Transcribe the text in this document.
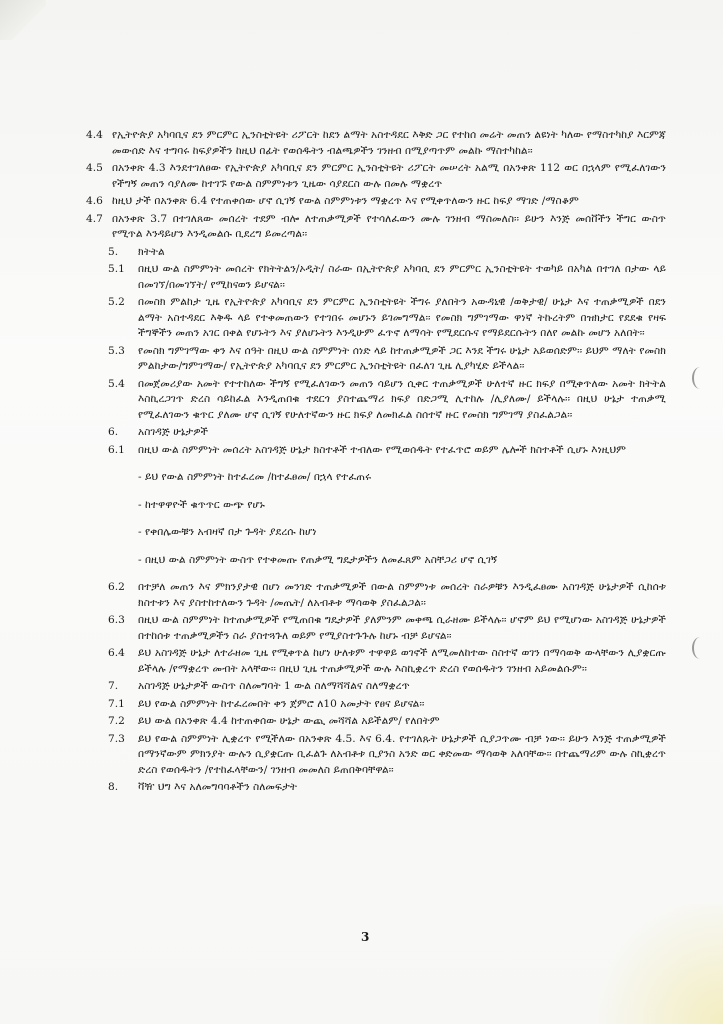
4.4 የኢትዮጵያ አካባቢና ደን ምርምር ኢንስቲትዩት ሪፖርት ከደን ልማት አስተዳደር እቅድ ጋር የተከሰ መሬት መጠን ልዩነት ካለው የማስተካከያ እርምጃ መውሰድ እና ተግባሩ ከፍያዎችን ከዚህ በፊት የወሰዱትን ብልጫዎችን ገንዘብ በሚያጣጥም መልኩ ማስተካከል፡፡
4.5 በአንቀጽ 4.3 እንደተገለፀው የኢትዮጵያ አካባቢና ደን ምርምር ኢንስቲትዩት ሪፖርት መሠረት አልሚ በአንቀጽ 112 ወር በኋላም የሚፈለገውን የችግኝ መጠን ሳያለሙ ከተገኙ የውል ስምምነቱን ጊዜው ሳያደርስ ውሉ በመሉ ማቋረጥ
4.6 ከዚህ ታች በአንቀጽ 6.4 የተጠቀሰው ሆኖ ሲገኝ የውል ስምምነቱን ማቋረጥ እና የሚቀጥለውን ዙር ከፍያ ማገድ /ማስቆም
4.7 በአንቀጽ 3.7 በተገለጸው መሰረት ተደም ብሎ ለተጠቃሚዎች የተሳለፈውን ሙሉ ገንዘብ ማስመለስ፡፡ ይሁን እንጅ መሰቨችን ችግር ውስጥ የሚጥል እንዳይሆን እንዲመልሱ ቢደረግ ይመረጣል፡፡
5.	ክትትል
5.1	በዚህ ውል ስምምነት መሰረት የክትትልን/ኦዲት/ ስራው በኢትዮጵያ አካባቢ ደን ምርምር ኢንስቲትዩት ተወካይ በአካል በተገለ በታው ላይ በመገኘ/በመገኘት/ የሚከናወን ይሆናል፡፡
5.2	በመስክ ምልከታ ጊዜ የኢትዮጵያ አካባቢና ደን ምርምር ኢንስቲትዩት ችግሩ ያለበትን አውዳኒዊ /ወቅታዊ/ ሁኔታ እና ተጠቃሚዎች በደን ልማት አስተዳደር እቅዱ ላይ የተቀመጠውን የተገበሩ መሆኑን ይገመግማል፡፡ የመስክ ግምገማው ዋነኛ ትኩረትም በዝክታር የደደቁ የዛፍ ችግኞችን መጠን አገር በቀል የሆኑትን እና ያለሆኑትን እንዲሁም ፈጥኖ ለማሳት የሚደርሱና የማይደርሱትን በለየ መልኩ መሆን አለበት፡፡
5.3	የመስክ ግምገማው ቀን እና ሰዓት በዚህ ውል ስምምነት ሰነድ ላይ ከተጠቃሚዎች ጋር እንደ ችግሩ ሁኔታ አይወሰድም፡፡ ይህም ማለት የመስክ ምልከታው/ግምገማው/ የኢትዮጵያ አካባቢና ደን ምርምር ኢንስቲትዩት በፈለገ ጊዜ ሊያካሂድ ይችላል፡፡
5.4	በመጀመሪያው አመት የተተከለው ችግኝ የሚፈለገውን መጠን ሳይሆን ሲቀር ተጠቃሚዎች ሁለተኛ ዙር ክፍያ በሚቀጥለው አመት ክትትል እስኪረጋገጥ ድረስ ሳይከፈል እንዲጠበቁ ተደርጎ ያስተጨማሪ ክፍያ በድጋሚ ሊተከሉ /ሊያለሙ/ ይችላሉ፡፡ በዚህ ሁኔታ ተጠቃሚ የሚፈለገውን ቁጥር ያለሙ ሆኖ ሲገኝ የሁለተኛውን ዙር ክፍያ ለመክፈል ስሰተኛ ዙር የመስክ ግምገማ ያስፈልጋል፡፡
6.	አስገዳጅ ሁኔታዎች
6.1	በዚህ ውል ስምምነት መሰረት አስገዳጅ ሁኔታ ክስተቶች ተብለው የሚወሰዱት የተፈጥሮ ወይም ሌሎች ክስተቶች ሲሆኑ እነዚህም
- ይህ የውል ስምምነት ከተፈረመ /ከተፈፀመ/ በኋላ የተፈጠሩ
- ከተዋዋዮች ቁጥጥር ውጭ የሆኑ
- የቀበሌውቹን አብዛኛ በታ ጉዳት ያደረሱ ከሆነ
- በዚህ ውል ስምምነት ውስጥ የተቀመጡ የጠቃሚ ግዴታዎችን ለመፈጸም አስቸጋሪ ሆኖ ሲገኝ
6.2	በተቻለ መጠን እና ምክንያታዊ በሆነ መንገድ ተጠቃሚዎች በውል ስምምነቱ መሰረት ስራዎቹን እንዲፈፀሙ አስገዳጅ ሁኔታዎች ሲከሰቱ ክስተቱን እና ያስተከተለውን ጉዳት /መጤት/ ለአብቶቱ ማሳወቅ ያስፈልጋል፡፡
6.3	በዚህ ውል ስምምነት ከተጠቃሚዎች የሚጠበቁ ግዴታዎች ያለምንም መቀጫ ሲራዘሙ ይችላሉ፡፡ ሆኖም ይህ የሚሆነው አስገዳጅ ሁኔታዎች በተከሰቱ ተጠቃሚዎችን ስራ ያስተጓጉለ ወይም የሚያስተጉጉሉ ከሆኑ ብቻ ይሆናል፡፡
6.4	ይህ አስገዳጅ ሁኔታ ለተራዘመ ጊዜ የሚቀጥል ከሆነ ሁለቱም ተዋዋይ ወገኖች ለሚመለከተው ስስተኛ ወገን በማሳወቅ ውላቸውን ሊያቋርጡ ይችላሉ /የማቋረጥ መብት አላቸው፡፡ በዚህ ጊዜ ተጠቃሚዎች ውሉ እስኪቋረጥ ድረስ የወሰዱትን ገንዘብ አይመልሱም፡፡
7.	አስገዳጅ ሁኔታዎች ውስጥ ስለመግባት 1 ውል ስለማሻሻልና ስለማቋረጥ
7.1	ይህ የውል ስምምነት ከተፈረመበት ቀን ጀምሮ ለ10 አመታት የፀና ይሆናል፡፡
7.2	ይህ ውል በአንቀጽ 4.4 ከተጠቀሰው ሁኔታ ውጪ መሻሻል አይችልም/ የለበትም
7.3	ይህ የውል ስምምነት ሊቋረጥ የሚችለው በአንቀጽ 4.5. እና 6.4. የተገለጹት ሁኔታዎች ሲያጋጥሙ ብቻ ነው፡፡ ይሁን እንጅ ተጠቃሚዎች በማንኛውም ምክንያት ውሉን ሲያቋርጡ ቢፈልጉ ለአብቶቱ ቢያንስ አንድ ወር ቀድመው ማሳወቅ አለባቸው፡፡ በተጨማሪም ውሉ ስኪቋረጥ ድረስ የወሰዱትን /የተከፈላቸውን/ ገንዘብ መመለስ ይጠበቅባቸዋል፡፡
8.	ቫዥ ህግ እና አለመግባባቶችን ስለመፍታት
3
